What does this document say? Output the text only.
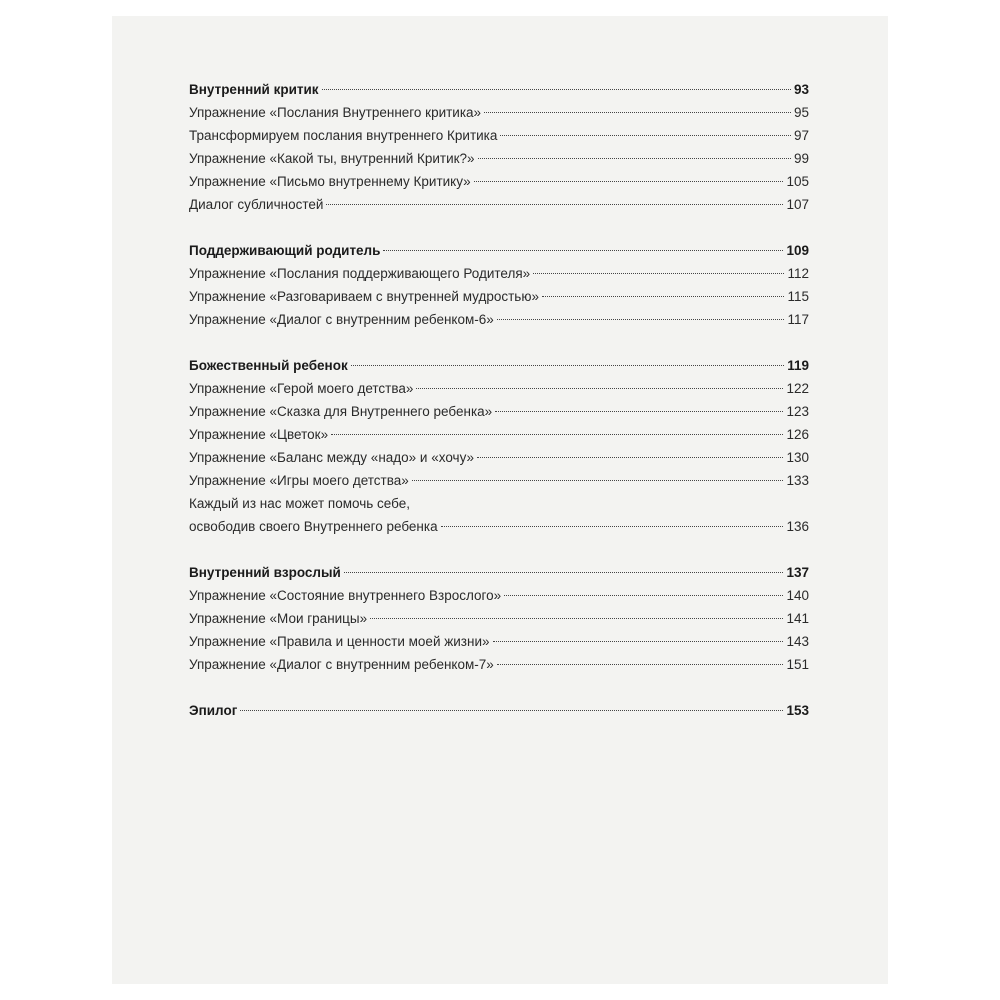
Внутренний критик	93
Упражнение «Послания Внутреннего критика»	95
Трансформируем послания внутреннего Критика	97
Упражнение «Какой ты, внутренний Критик?»	99
Упражнение «Письмо внутреннему Критику»	105
Диалог субличностей	107
Поддерживающий родитель	109
Упражнение «Послания поддерживающего Родителя»	112
Упражнение «Разговариваем с внутренней мудростью»	115
Упражнение «Диалог с внутренним ребенком-6»	117
Божественный ребенок	119
Упражнение «Герой моего детства»	122
Упражнение «Сказка для Внутреннего ребенка»	123
Упражнение «Цветок»	126
Упражнение «Баланс между «надо» и «хочу»	130
Упражнение «Игры моего детства»	133
Каждый из нас может помочь себе,
освободив своего Внутреннего ребенка	136
Внутренний взрослый	137
Упражнение «Состояние внутреннего Взрослого»	140
Упражнение «Мои границы»	141
Упражнение «Правила и ценности моей жизни»	143
Упражнение «Диалог с внутренним ребенком-7»	151
Эпилог	153
